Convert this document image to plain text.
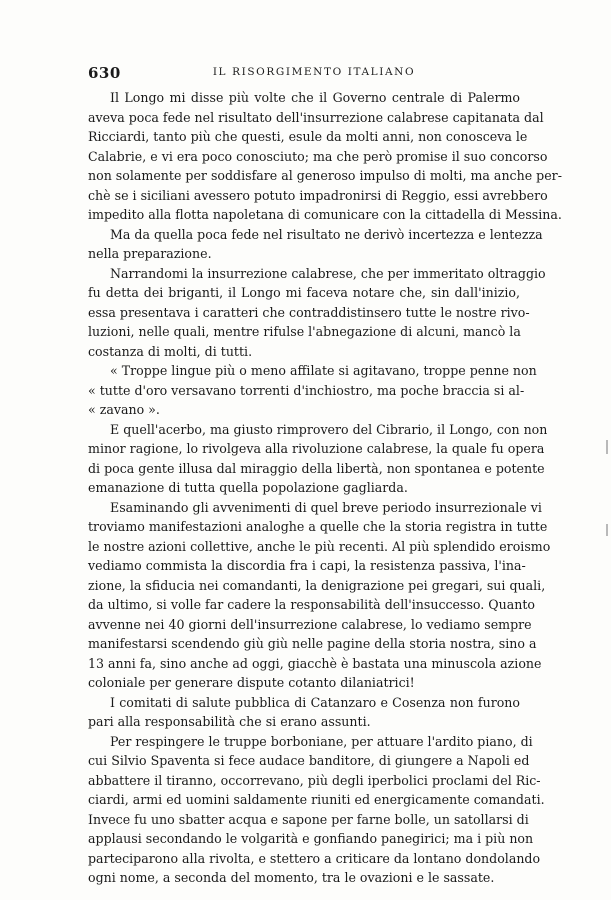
630	IL RISORGIMENTO ITALIANO
Il Longo mi disse più volte che il Governo centrale di Palermo
aveva poca fede nel risultato dell'insurrezione calabrese capitanata dal
Ricciardi, tanto più che questi, esule da molti anni, non conosceva le
Calabrie, e vi era poco conosciuto; ma che però promise il suo concorso
non solamente per soddisfare al generoso impulso di molti, ma anche per-
chè se i siciliani avessero potuto impadronirsi di Reggio, essi avrebbero
impedito alla flotta napoletana di comunicare con la cittadella di Messina.
Ma da quella poca fede nel risultato ne derivò incertezza e lentezza
nella preparazione.
Narrandomi la insurrezione calabrese, che per immeritato oltraggio
fu detta dei briganti, il Longo mi faceva notare che, sin dall'inizio,
essa presentava i caratteri che contraddistinsero tutte le nostre rivo-
luzioni, nelle quali, mentre rifulse l'abnegazione di alcuni, mancò la
costanza di molti, di tutti.
« Troppe lingue più o meno affilate si agitavano, troppe penne non
« tutte d'oro versavano torrenti d'inchiostro, ma poche braccia si al-
« zavano ».
E quell'acerbo, ma giusto rimprovero del Cibrario, il Longo, con non
minor ragione, lo rivolgeva alla rivoluzione calabrese, la quale fu opera
di poca gente illusa dal miraggio della libertà, non spontanea e potente
emanazione di tutta quella popolazione gagliarda.
Esaminando gli avvenimenti di quel breve periodo insurrezionale vi
troviamo manifestazioni analoghe a quelle che la storia registra in tutte
le nostre azioni collettive, anche le più recenti. Al più splendido eroismo
vediamo commista la discordia fra i capi, la resistenza passiva, l'ina-
zione, la sfiducia nei comandanti, la denigrazione pei gregari, sui quali,
da ultimo, si volle far cadere la responsabilità dell'insuccesso. Quanto
avvenne nei 40 giorni dell'insurrezione calabrese, lo vediamo sempre
manifestarsi scendendo giù giù nelle pagine della storia nostra, sino a
13 anni fa, sino anche ad oggi, giacchè è bastata una minuscola azione
coloniale per generare dispute cotanto dilaniatrici!
I comitati di salute pubblica di Catanzaro e Cosenza non furono
pari alla responsabilità che si erano assunti.
Per respingere le truppe borboniane, per attuare l'ardito piano, di
cui Silvio Spaventa si fece audace banditore, di giungere a Napoli ed
abbattere il tiranno, occorrevano, più degli iperbolici proclami del Ric-
ciardi, armi ed uomini saldamente riuniti ed energicamente comandati.
Invece fu uno sbatter acqua e sapone per farne bolle, un satollarsi di
applausi secondando le volgarità e gonfiando panegirici; ma i più non
parteciparono alla rivolta, e stettero a criticare da lontano dondolando
ogni nome, a seconda del momento, tra le ovazioni e le sassate.
